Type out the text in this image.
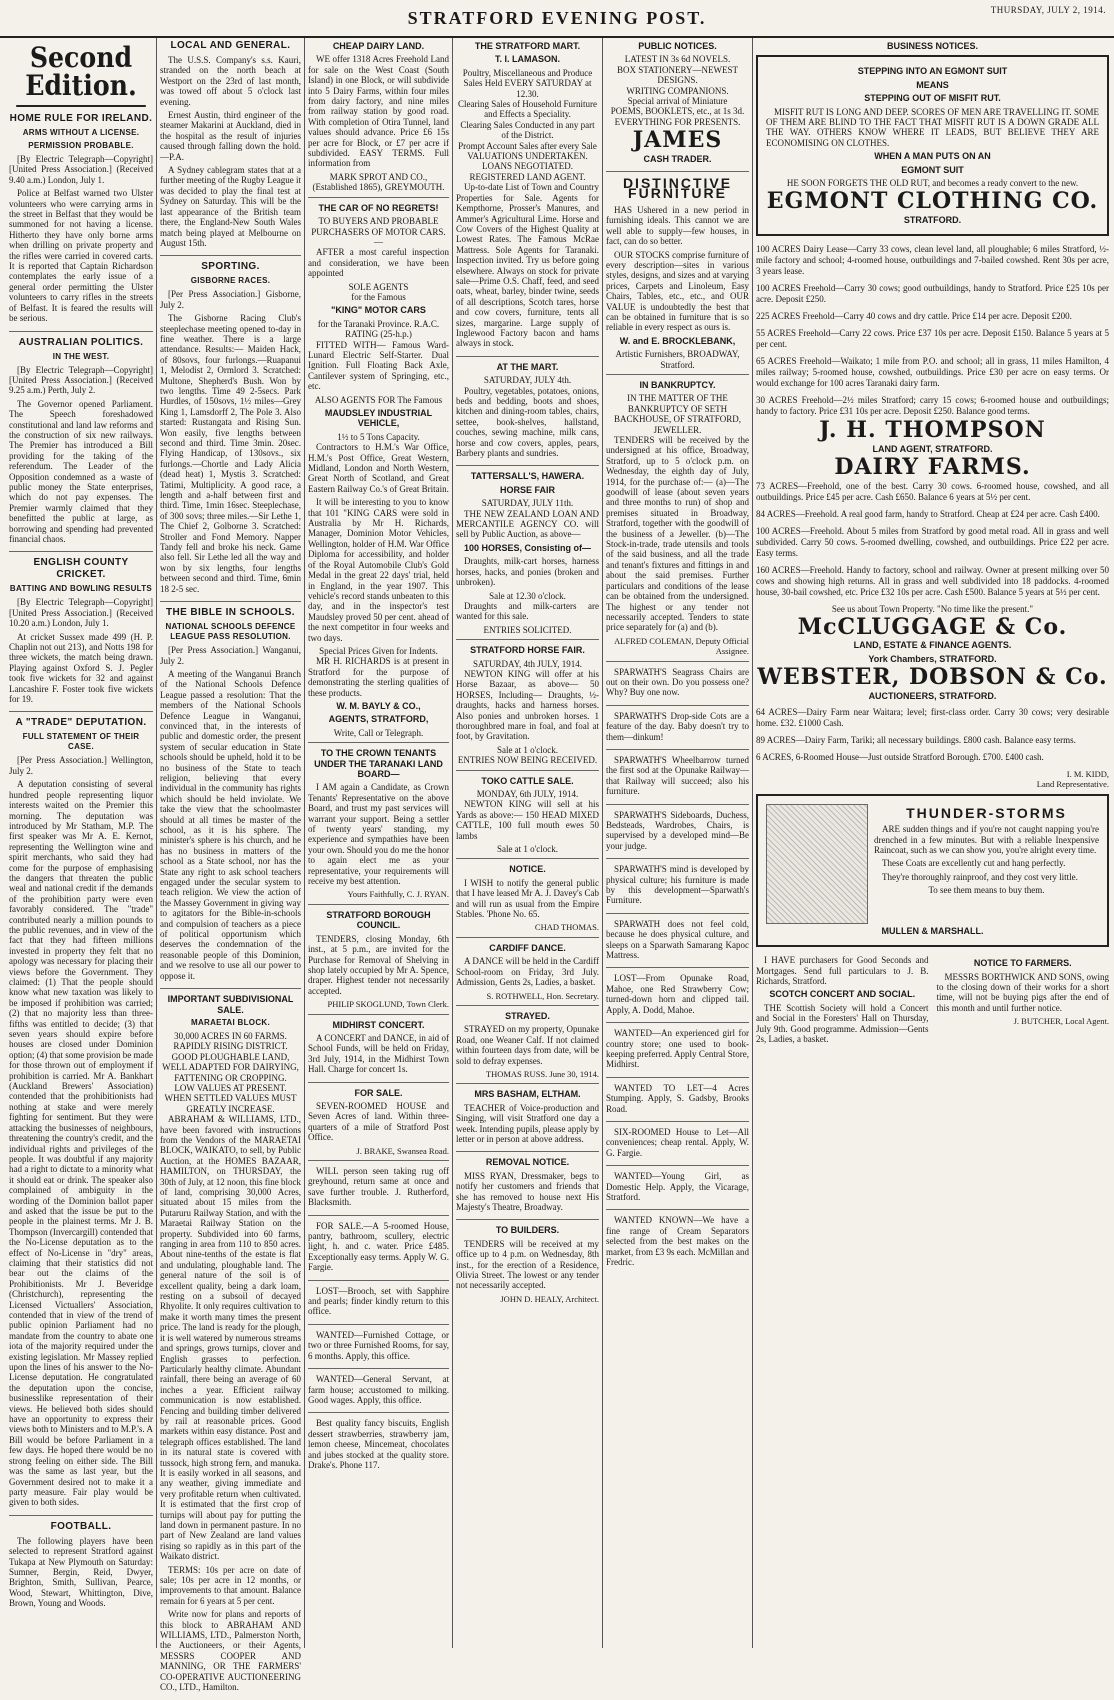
STRATFORD EVENING POST.	THURSDAY, JULY 2, 1914.
Second Edition.
HOME RULE FOR IRELAND.
ARMS WITHOUT A LICENSE.
PERMISSION PROBABLE.
[By Electric Telegraph—Copyright] [United Press Association.] (Received 9.40 a.m.) London, July 1.
Police at Belfast warned two Ulster volunteers who were carrying arms in the street in Belfast that they would be summoned for not having a license. Hitherto they have only borne arms when drilling on private property and the rifles were carried in covered carts. It is reported that Captain Richardson contemplates the early issue of a general order permitting the Ulster volunteers to carry rifles in the streets of Belfast. It is feared the results will be serious.
AUSTRALIAN POLITICS.
IN THE WEST.
[By Electric Telegraph—Copyright] [United Press Association.] (Received 9.25 a.m.) Perth, July 2.
The Governor opened Parliament. The Speech foreshadowed constitutional and land law reforms and the construction of six new railways. The Premier has introduced a Bill providing for the taking of the referendum. The Leader of the Opposition condemned as a waste of public money the State enterprises, which do not pay expenses. The Premier warmly claimed that they benefitted the public at large, as borrowing and spending had prevented financial chaos.
ENGLISH COUNTY CRICKET.
BATTING AND BOWLING RESULTS
[By Electric Telegraph—Copyright] [United Press Association.] (Received 10.20 a.m.) London, July 1.
At cricket Sussex made 499 (H. P. Chaplin not out 213), and Notts 198 for three wickets, the match being drawn. Playing against Oxford S. J. Pegler took five wickets for 32 and against Lancashire F. Foster took five wickets for 19.
A "TRADE" DEPUTATION.
FULL STATEMENT OF THEIR CASE.
[Per Press Association.] Wellington, July 2.
A deputation consisting of several hundred people representing liquor interests waited on the Premier this morning. The deputation was introduced by Mr Statham, M.P. The first speaker was Mr A. E. Kernot, representing the Wellington wine and spirit merchants, who said they had come for the purpose of emphasising the dangers that threaten the public weal and national credit if the demands of the prohibition party were even favorably considered. The "trade" contributed nearly a million pounds to the public revenues, and in view of the fact that they had fifteen millions invested in property they felt that no apology was necessary for placing their views before the Government. They claimed: (1) That the people should know what new taxation was likely to be imposed if prohibition was carried; (2) that no majority less than three-fifths was entitled to decide; (3) that seven years should expire before houses are closed under Dominion option; (4) that some provision be made for those thrown out of employment if prohibition is carried. Mr A. Bankhart (Auckland Brewers' Association) contended that the prohibitionists had nothing at stake and were merely fighting for sentiment. But they were attacking the businesses of neighbours, threatening the country's credit, and the individual rights and privileges of the people. It was doubtful if any majority had a right to dictate to a minority what it should eat or drink. The speaker also complained of ambiguity in the wording of the Dominion ballot paper and asked that the issue be put to the people in the plainest terms. Mr J. B. Thompson (Invercargill) contended that the No-License deputation as to the effect of No-License in "dry" areas, claiming that their statistics did not bear out the claims of the Prohibitionists. Mr J. Beveridge (Christchurch), representing the Licensed Victuallers' Association, contended that in view of the trend of public opinion Parliament had no mandate from the country to abate one iota of the majority required under the existing legislation. Mr Massey replied upon the lines of his answer to the No-License deputation. He congratulated the deputation upon the concise, businesslike representation of their views. He believed both sides should have an opportunity to express their views both to Ministers and to M.P.'s. A Bill would be before Parliament in a few days. He hoped there would be no strong feeling on either side. The Bill was the same as last year, but the Government desired not to make it a party measure. Fair play would be given to both sides.
FOOTBALL.
The following players have been selected to represent Stratford against Tukapa at New Plymouth on Saturday: Sumner, Bergin, Reid, Dwyer, Brighton, Smith, Sullivan, Pearce, Wood, Stewart, Whittington, Dive, Brown, Young and Woods.
LOCAL AND GENERAL.
The U.S.S. Company's s.s. Kauri, stranded on the north beach at Westport on the 23rd of last month, was towed off about 5 o'clock last evening.
Ernest Austin, third engineer of the steamer Makarini at Auckland, died in the hospital as the result of injuries caused through falling down the hold.—P.A.
A Sydney cablegram states that at a further meeting of the Rugby League it was decided to play the final test at Sydney on Saturday. This will be the last appearance of the British team there, the England-New South Wales match being played at Melbourne on August 15th.
SPORTING.
GISBORNE RACES.
[Per Press Association.] Gisborne, July 2.
The Gisborne Racing Club's steeplechase meeting opened to-day in fine weather. There is a large attendance. Results:— Maiden Hack, of 80sovs, four furlongs.—Ruapanui 1, Melodist 2, Ormlord 3. Scratched: Multone, Shepherd's Bush. Won by two lengths. Time 49 2-5secs. Park Hurdles, of 150sovs, 1½ miles—Grey King 1, Lamsdorff 2, The Pole 3. Also started: Rustangata and Rising Sun. Won easily, five lengths between second and third. Time 3min. 20sec. Flying Handicap, of 130sovs., six furlongs.—Chortle and Lady Alicia (dead heat) 1, Mystis 3. Scratched: Tatimi, Multiplicity. A good race, a length and a-half between first and third. Time, 1min 16sec. Steeplechase, of 300 sovs; three miles.—Sir Lethe 1, The Chief 2, Golborne 3. Scratched: Stroller and Fond Memory. Napper Tandy fell and broke his neck. Game also fell. Sir Lethe led all the way and won by six lengths, four lengths between second and third. Time, 6min 18 2-5 sec.
THE BIBLE IN SCHOOLS.
NATIONAL SCHOOLS DEFENCE LEAGUE PASS RESOLUTION.
[Per Press Association.] Wanganui, July 2.
A meeting of the Wanganui Branch of the National Schools Defence League passed a resolution: That the members of the National Schools Defence League in Wanganui, convinced that, in the interests of public and domestic order, the present system of secular education in State schools should be upheld, hold it to be no business of the State to teach religion, believing that every individual in the community has rights which should be held inviolate. We take the view that the schoolmaster should at all times be master of the school, as it is his sphere. The minister's sphere is his church, and he has no business in matters of the school as a State school, nor has the State any right to ask school teachers engaged under the secular system to teach religion. We view the action of the Massey Government in giving way to agitators for the Bible-in-schools and compulsion of teachers as a piece of political opportunism which deserves the condemnation of the reasonable people of this Dominion, and we resolve to use all our power to oppose it.
IMPORTANT SUBDIVISIONAL SALE.
MARAETAI BLOCK.
30,000 ACRES IN 60 FARMS.
RAPIDLY RISING DISTRICT.
GOOD PLOUGHABLE LAND, WELL ADAPTED FOR DAIRYING, FATTENING OR CROPPING.
LOW VALUES AT PRESENT.
WHEN SETTLED VALUES MUST GREATLY INCREASE.
ABRAHAM & WILLIAMS, LTD., have been favored with instructions from the Vendors of the MARAETAI BLOCK, WAIKATO, to sell, by Public Auction, at the HOMES BAZAAR, HAMILTON, on THURSDAY, the 30th of July, at 12 noon, this fine block of land, comprising 30,000 Acres, situated about 15 miles from the Putaruru Railway Station, and with the Maraetai Railway Station on the property. Subdivided into 60 farms, ranging in area from 110 to 850 acres. About nine-tenths of the estate is flat and undulating, ploughable land. The general nature of the soil is of excellent quality, being a dark loam, resting on a subsoil of decayed Rhyolite. It only requires cultivation to make it worth many times the present price. The land is ready for the plough, it is well watered by numerous streams and springs, grows turnips, clover and English grasses to perfection. Particularly healthy climate. Abundant rainfall, there being an average of 60 inches a year. Efficient railway communication is now established. Fencing and building timber delivered by rail at reasonable prices. Good markets within easy distance. Post and telegraph offices established. The land in its natural state is covered with tussock, high strong fern, and manuka. It is easily worked in all seasons, and any weather, giving immediate and very profitable return when cultivated. It is estimated that the first crop of turnips will about pay for putting the land down in permanent pasture. In no part of New Zealand are land values rising so rapidly as in this part of the Waikato district.
TERMS: 10s per acre on date of sale; 10s per acre in 12 months, or improvements to that amount. Balance remain for 6 years at 5 per cent.
Write now for plans and reports of this block to ABRAHAM AND WILLIAMS, LTD., Palmerston North, the Auctioneers, or their Agents, MESSRS COOPER AND MANNING, OR THE FARMERS' CO-OPERATIVE AUCTIONEERING CO., LTD., Hamilton.
CHEAP DAIRY LAND.
WE offer 1318 Acres Freehold Land for sale on the West Coast (South Island) in one Block, or will subdivide into 5 Dairy Farms, within four miles from dairy factory, and nine miles from railway station by good road. With completion of Otira Tunnel, land values should advance. Price £6 15s per acre for Block, or £7 per acre if subdivided. EASY TERMS. Full information from
MARK SPROT AND CO., (Established 1865), GREYMOUTH.
THE CAR OF NO REGRETS!
TO BUYERS AND PROBABLE PURCHASERS OF MOTOR CARS.—
AFTER a most careful inspection and consideration, we have been appointed
SOLE AGENTS
for the Famous
"KING" MOTOR CARS
for the Taranaki Province. R.A.C. RATING (25-h.p.)
FITTED WITH— Famous Ward-Lunard Electric Self-Starter. Dual Ignition. Full Floating Back Axle, Cantilever system of Springing, etc., etc.
ALSO AGENTS FOR The Famous
MAUDSLEY INDUSTRIAL VEHICLE,
1½ to 5 Tons Capacity.
Contractors to H.M.'s War Office, H.M.'s Post Office, Great Western, Midland, London and North Western, Great North of Scotland, and Great Eastern Railway Co.'s of Great Britain.
It will be interesting to you to know that 101 "KING CARS were sold in Australia by Mr H. Richards, Manager, Dominion Motor Vehicles, Wellington, holder of H.M. War Office Diploma for accessibility, and holder of the Royal Automobile Club's Gold Medal in the great 22 days' trial, held in England, in the year 1907. This vehicle's record stands unbeaten to this day, and in the inspector's test Maudsley proved 50 per cent. ahead of the next competitor in four weeks and two days.
Special Prices Given for Indents.
MR H. RICHARDS is at present in Stratford for the purpose of demonstrating the sterling qualities of these products.
W. M. BAYLY & CO.,
AGENTS, STRATFORD,
Write, Call or Telegraph.
TO THE CROWN TENANTS UNDER THE TARANAKI LAND BOARD—
I AM again a Candidate, as Crown Tenants' Representative on the above Board, and trust my past services will warrant your support. Being a settler of twenty years' standing, my experience and sympathies have been your own. Should you do me the honor to again elect me as your representative, your requirements will receive my best attention.
Yours Faithfully, C. J. RYAN.
STRATFORD BOROUGH COUNCIL.
TENDERS, closing Monday, 6th inst., at 5 p.m., are invited for the Purchase for Removal of Shelving in shop lately occupied by Mr A. Spence, draper. Highest tender not necessarily accepted.
PHILIP SKOGLUND, Town Clerk.
MIDHIRST CONCERT.
A CONCERT and DANCE, in aid of School Funds, will be held on Friday, 3rd July, 1914, in the Midhirst Town Hall. Charge for concert 1s.
FOR SALE.
SEVEN-ROOMED HOUSE and Seven Acres of land. Within three-quarters of a mile of Stratford Post Office.
J. BRAKE, Swansea Road.
WILL person seen taking rug off greyhound, return same at once and save further trouble. J. Rutherford, Blacksmith.
FOR SALE.—A 5-roomed House, pantry, bathroom, scullery, electric light, h. and c. water. Price £485. Exceptionally easy terms. Apply W. G. Fargie.
LOST—Brooch, set with Sapphire and pearls; finder kindly return to this office.
WANTED—Furnished Cottage, or two or three Furnished Rooms, for say, 6 months. Apply, this office.
WANTED—General Servant, at farm house; accustomed to milking. Good wages. Apply, this office.
Best quality fancy biscuits, English dessert strawberries, strawberry jam, lemon cheese, Mincemeat, chocolates and jubes stocked at the quality store. Drake's. Phone 117.
THE STRATFORD MART.
T. I. LAMASON.
Poultry, Miscellaneous and Produce Sales Held EVERY SATURDAY at 12.30.
Clearing Sales of Household Furniture and Effects a Speciality.
Clearing Sales Conducted in any part of the District.
Prompt Account Sales after every Sale
VALUATIONS UNDERTAKEN. LOANS NEGOTIATED. REGISTERED LAND AGENT.
Up-to-date List of Town and Country Properties for Sale. Agents for Kempthorne, Prosser's Manures, and Ammer's Agricultural Lime. Horse and Cow Covers of the Highest Quality at Lowest Rates. The Famous McRae Mattress. Sole Agents for Taranaki. Inspection invited. Try us before going elsewhere. Always on stock for private sale—Prime O.S. Chaff, feed, and seed oats, wheat, barley, binder twine, seeds of all descriptions, Scotch tares, horse and cow covers, furniture, tents all sizes, margarine. Large supply of Inglewood Factory bacon and hams always in stock.
AT THE MART.
SATURDAY, JULY 4th.
Poultry, vegetables, potatoes, onions, beds and bedding, boots and shoes, kitchen and dining-room tables, chairs, settee, book-shelves, hallstand, couches, sewing machine, milk cans, horse and cow covers, apples, pears, Barbery plants and sundries.
TATTERSALL'S, HAWERA.
HORSE FAIR
SATURDAY, JULY 11th.
THE NEW ZEALAND LOAN AND MERCANTILE AGENCY CO. will sell by Public Auction, as above—
100 HORSES, Consisting of—
Draughts, milk-cart horses, harness horses, hacks, and ponies (broken and unbroken).
Sale at 12.30 o'clock.
Draughts and milk-carters are wanted for this sale.
ENTRIES SOLICITED.
STRATFORD HORSE FAIR.
SATURDAY, 4th JULY, 1914.
NEWTON KING will offer at his Horse Bazaar, as above— 50 HORSES, Including— Draughts, ½-draughts, hacks and harness horses. Also ponies and unbroken horses. 1 thoroughbred mare in foal, and foal at foot, by Gravitation.
Sale at 1 o'clock.
ENTRIES NOW BEING RECEIVED.
TOKO CATTLE SALE.
MONDAY, 6th JULY, 1914.
NEWTON KING will sell at his Yards as above:— 150 HEAD MIXED CATTLE, 100 full mouth ewes 50 lambs
Sale at 1 o'clock.
NOTICE.
I WISH to notify the general public that I have leased Mr A. J. Davey's Cab and will run as usual from the Empire Stables. 'Phone No. 65.
CHAD THOMAS.
CARDIFF DANCE.
A DANCE will be held in the Cardiff School-room on Friday, 3rd July. Admission, Gents 2s, Ladies, a basket.
S. ROTHWELL, Hon. Secretary.
STRAYED.
STRAYED on my property, Opunake Road, one Weaner Calf. If not claimed within fourteen days from date, will be sold to defray expenses.
THOMAS RUSS. June 30, 1914.
MRS BASHAM, ELTHAM.
TEACHER of Voice-production and Singing, will visit Stratford one day a week. Intending pupils, please apply by letter or in person at above address.
REMOVAL NOTICE.
MISS RYAN, Dressmaker, begs to notify her customers and friends that she has removed to house next His Majesty's Theatre, Broadway.
TO BUILDERS.
TENDERS will be received at my office up to 4 p.m. on Wednesday, 8th inst., for the erection of a Residence, Olivia Street. The lowest or any tender not necessarily accepted.
JOHN D. HEALY, Architect.
PUBLIC NOTICES.
LATEST IN 3s 6d NOVELS.
BOX STATIONERY—NEWEST DESIGNS.
WRITING COMPANIONS.
Special arrival of Miniature
POEMS, BOOKLETS, etc., at 1s 3d.
EVERYTHING FOR PRESENTS.
JAMES
CASH TRADER.
DISTINCTIVE FURNITURE
HAS Ushered in a new period in furnishing ideals. This cannot we are well able to supply—few houses, in fact, can do so better.
OUR STOCKS comprise furniture of every description—sites in various styles, designs, and sizes and at varying prices, Carpets and Linoleum, Easy Chairs, Tables, etc., etc., and OUR VALUE is undoubtedly the best that can be obtained in furniture that is so reliable in every respect as ours is.
W. and E. BROCKLEBANK,
Artistic Furnishers, BROADWAY, Stratford.
IN BANKRUPTCY.
IN THE MATTER OF THE BANKRUPTCY OF SETH BACKHOUSE, OF STRATFORD, JEWELLER.
TENDERS will be received by the undersigned at his office, Broadway, Stratford, up to 5 o'clock p.m. on Wednesday, the eighth day of July, 1914, for the purchase of:— (a)—The goodwill of lease (about seven years and three months to run) of shop and premises situated in Broadway, Stratford, together with the goodwill of the business of a Jeweller. (b)—The Stock-in-trade, trade utensils and tools of the said business, and all the trade and tenant's fixtures and fittings in and about the said premises. Further particulars and conditions of the lease can be obtained from the undersigned. The highest or any tender not necessarily accepted. Tenders to state price separately for (a) and (b).
ALFRED COLEMAN, Deputy Official Assignee.
SPARWATH'S Seagrass Chairs are out on their own. Do you possess one? Why? Buy one now.
SPARWATH'S Drop-side Cots are a feature of the day. Baby doesn't try to them—dinkum!
SPARWATH'S Wheelbarrow turned the first sod at the Opunake Railway—that Railway will succeed; also his furniture.
SPARWATH'S Sideboards, Duchess, Bedsteads, Wardrobes, Chairs, is supervised by a developed mind—Be your judge.
SPARWATH'S mind is developed by physical culture; his furniture is made by this development—Sparwath's Furniture.
SPARWATH does not feel cold, because he does physical culture, and sleeps on a Sparwath Samarang Kapoc Mattress.
LOST—From Opunake Road, Mahoe, one Red Strawberry Cow; turned-down horn and clipped tail. Apply, A. Dodd, Mahoe.
WANTED—An experienced girl for country store; one used to book-keeping preferred. Apply Central Store, Midhirst.
WANTED TO LET—4 Acres Stumping. Apply, S. Gadsby, Brooks Road.
SIX-ROOMED House to Let—All conveniences; cheap rental. Apply, W. G. Fargie.
WANTED—Young Girl, as Domestic Help. Apply, the Vicarage, Stratford.
WANTED KNOWN—We have a fine range of Cream Separators selected from the best makes on the market, from £3 9s each. McMillan and Fredric.
BUSINESS NOTICES.
STEPPING INTO AN EGMONT SUIT
MEANS
STEPPING OUT OF MISFIT RUT.
MISFIT RUT IS LONG AND DEEP. SCORES OF MEN ARE TRAVELLING IT. SOME OF THEM ARE BLIND TO THE FACT THAT MISFIT RUT IS A DOWN GRADE ALL THE WAY. OTHERS KNOW WHERE IT LEADS, BUT BELIEVE THEY ARE ECONOMISING ON CLOTHES.
WHEN A MAN PUTS ON AN
EGMONT SUIT
HE SOON FORGETS THE OLD RUT, and becomes a ready convert to the new.
EGMONT CLOTHING CO.
STRATFORD.
100 ACRES Dairy Lease—Carry 33 cows, clean level land, all ploughable; 6 miles Stratford, ½-mile factory and school; 4-roomed house, outbuildings and 7-bailed cowshed. Rent 30s per acre, 3 years lease.
100 ACRES Freehold—Carry 30 cows; good outbuildings, handy to Stratford. Price £25 10s per acre. Deposit £250.
225 ACRES Freehold—Carry 40 cows and dry cattle. Price £14 per acre. Deposit £200.
55 ACRES Freehold—Carry 22 cows. Price £37 10s per acre. Deposit £150. Balance 5 years at 5 per cent.
65 ACRES Freehold—Waikato; 1 mile from P.O. and school; all in grass, 11 miles Hamilton, 4 miles railway; 5-roomed house, cowshed, outbuildings. Price £30 per acre on easy terms. Or would exchange for 100 acres Taranaki dairy farm.
30 ACRES Freehold—2½ miles Stratford; carry 15 cows; 6-roomed house and outbuildings; handy to factory. Price £31 10s per acre. Deposit £250. Balance good terms.
J. H. THOMPSON
LAND AGENT, STRATFORD.
DAIRY FARMS.
73 ACRES—Freehold, one of the best. Carry 30 cows. 6-roomed house, cowshed, and all outbuildings. Price £45 per acre. Cash £650. Balance 6 years at 5½ per cent.
84 ACRES—Freehold. A real good farm, handy to Stratford. Cheap at £24 per acre. Cash £400.
100 ACRES—Freehold. About 5 miles from Stratford by good metal road. All in grass and well subdivided. Carry 50 cows. 5-roomed dwelling, cowshed, and outbuildings. Price £22 per acre. Easy terms.
160 ACRES—Freehold. Handy to factory, school and railway. Owner at present milking over 50 cows and showing high returns. All in grass and well subdivided into 18 paddocks. 4-roomed house, 30-bail cowshed, etc. Price £32 10s per acre. Cash £500. Balance 5 years at 5½ per cent.
See us about Town Property. "No time like the present."
McCLUGGAGE & Co.
LAND, ESTATE & FINANCE AGENTS.
York Chambers, STRATFORD.
WEBSTER, DOBSON & Co.
AUCTIONEERS, STRATFORD.
64 ACRES—Dairy Farm near Waitara; level; first-class order. Carry 30 cows; very desirable home. £32. £1000 Cash.
89 ACRES—Dairy Farm, Tariki; all necessary buildings. £800 cash. Balance easy terms.
6 ACRES, 6-Roomed House—Just outside Stratford Borough. £700. £400 cash.
I. M. KIDD,
Land Representative.
THUNDER-STORMS
ARE sudden things and if you're not caught napping you're drenched in a few minutes. But with a reliable Inexpensive Raincoat, such as we can show you, you're alright every time.
These Coats are excellently cut and hang perfectly.
They're thoroughly rainproof, and they cost very little.
To see them means to buy them.
MULLEN & MARSHALL.
I HAVE purchasers for Good Seconds and Mortgages. Send full particulars to J. B. Richards, Stratford.
SCOTCH CONCERT AND SOCIAL.
THE Scottish Society will hold a Concert and Social in the Foresters' Hall on Thursday, July 9th. Good programme. Admission—Gents 2s, Ladies, a basket.
NOTICE TO FARMERS.
MESSRS BORTHWICK AND SONS, owing to the closing down of their works for a short time, will not be buying pigs after the end of this month and until further notice.
J. BUTCHER, Local Agent.
